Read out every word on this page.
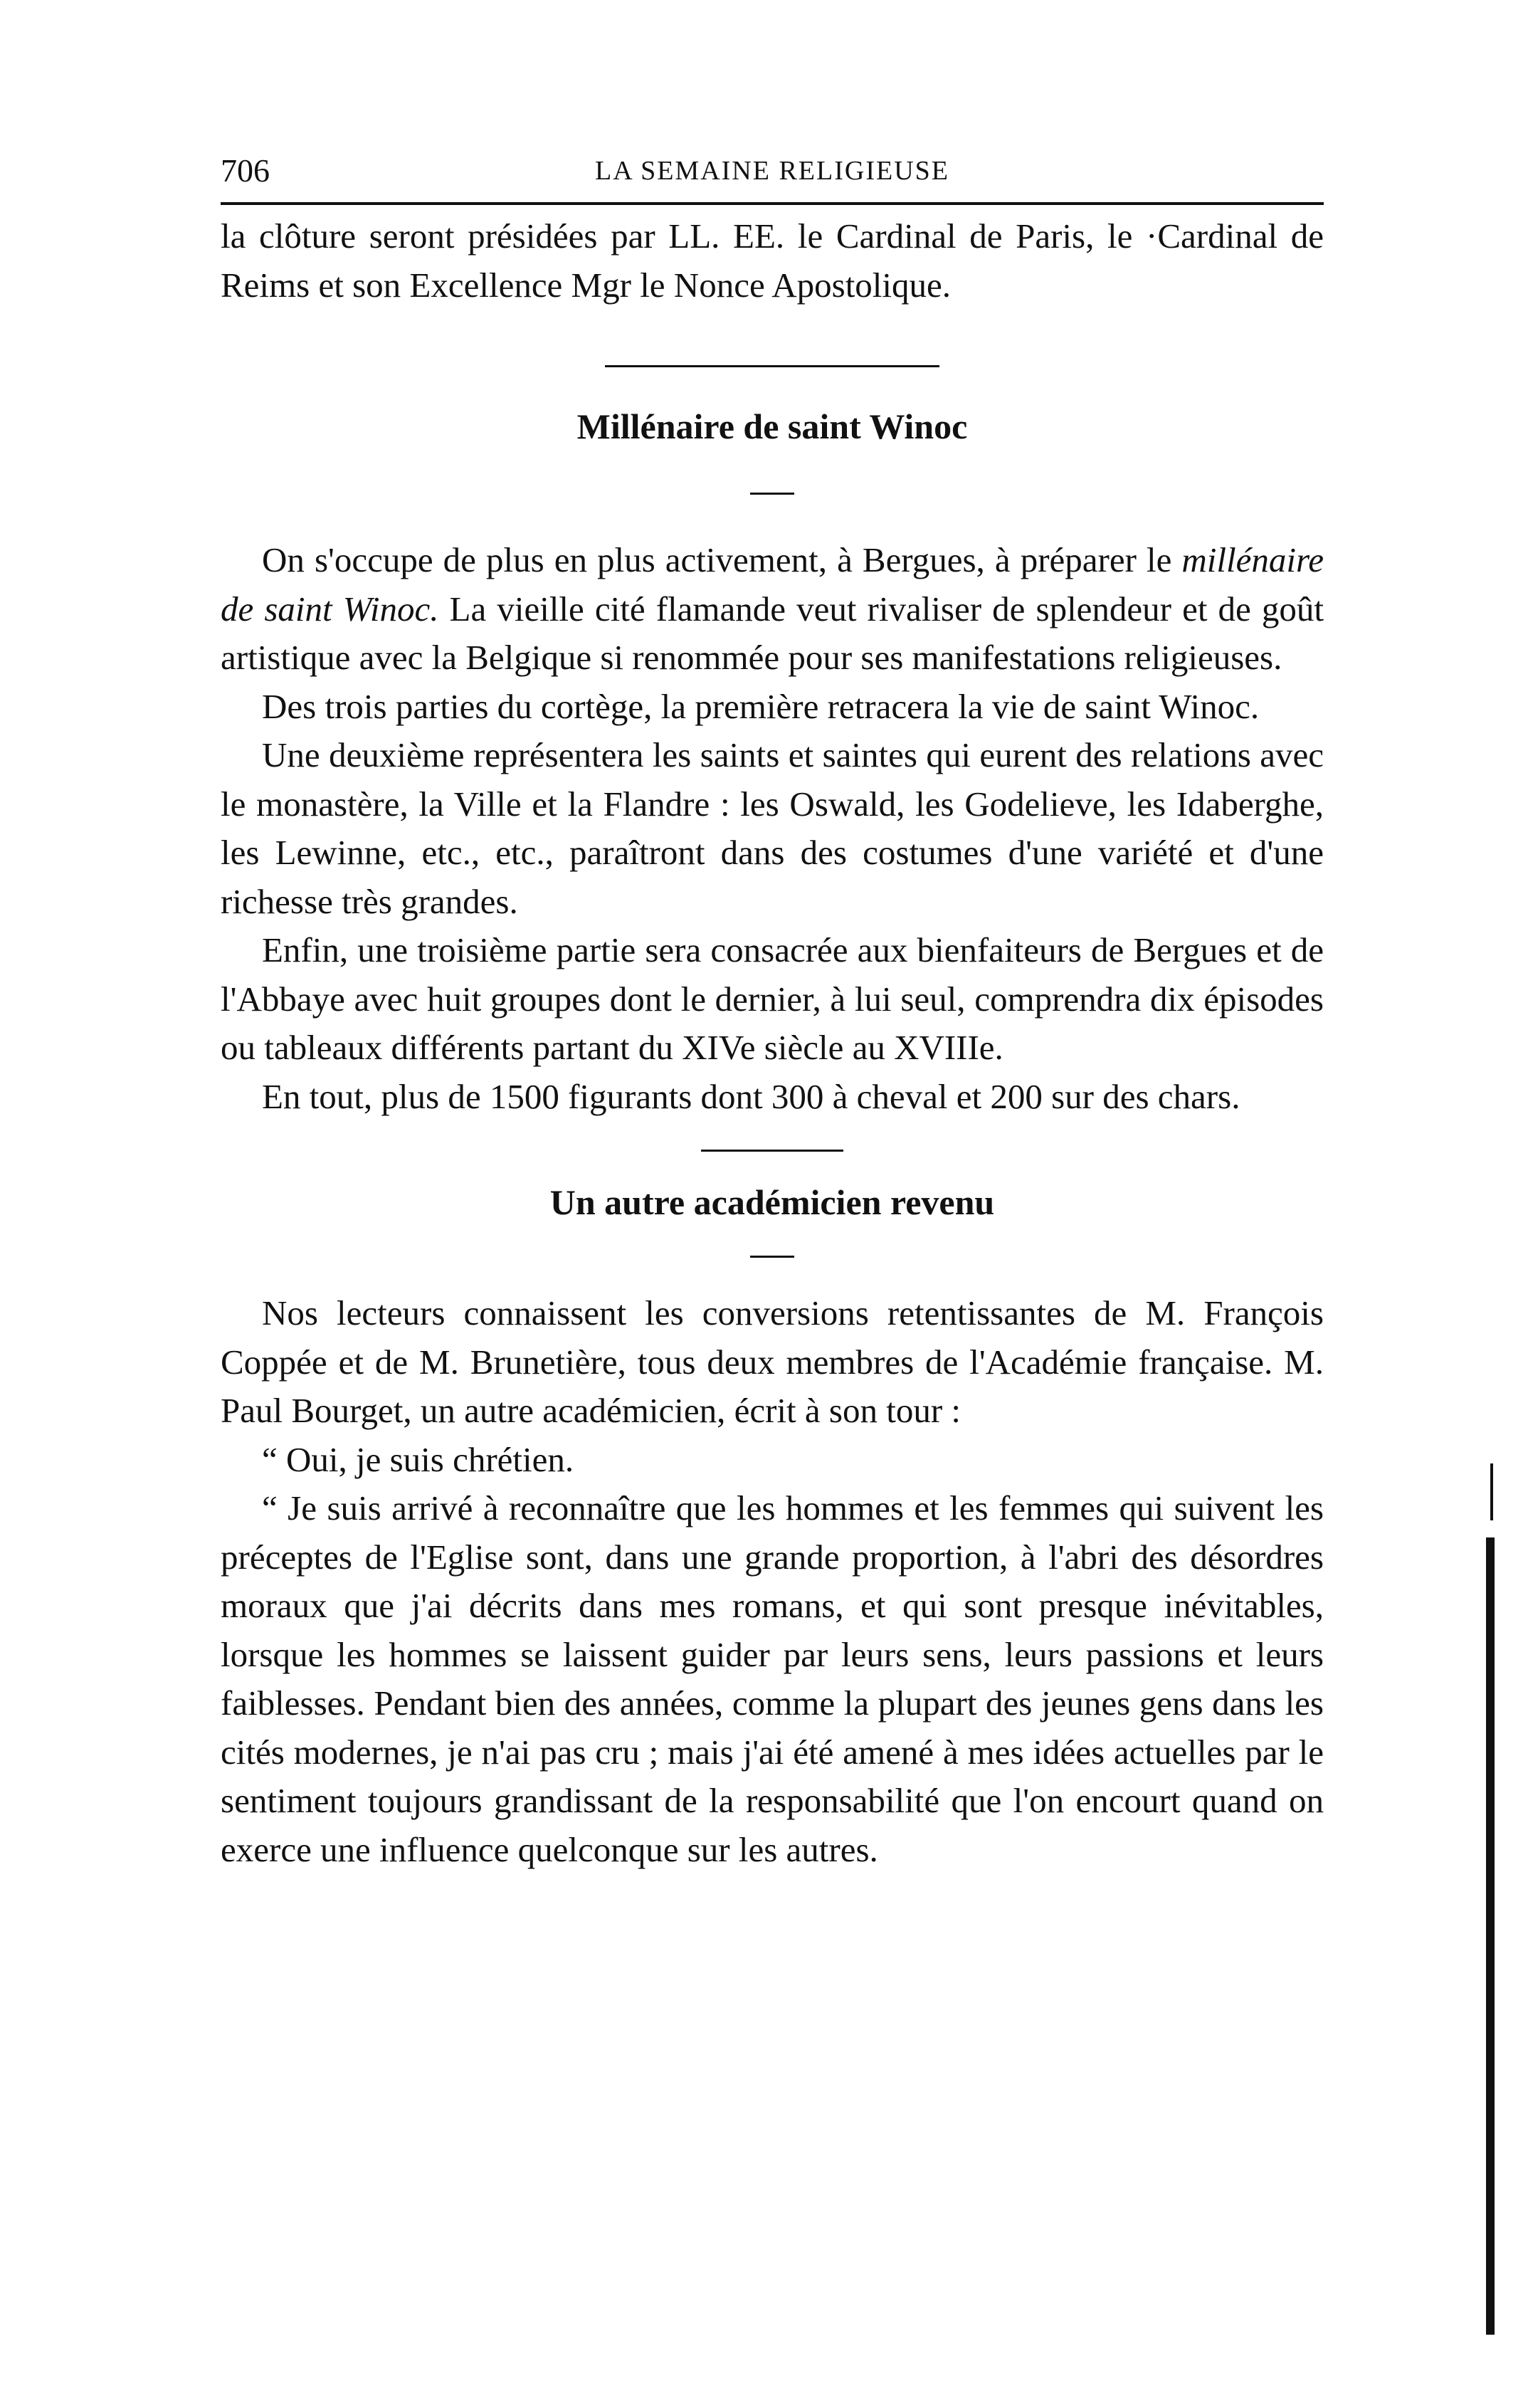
706	LA SEMAINE RELIGIEUSE

la clôture seront présidées par LL. EE. le Cardinal de Paris, le ·Cardinal de Reims et son Excellence Mgr le Nonce Apostolique.

Millénaire de saint Winoc

On s'occupe de plus en plus activement, à Bergues, à préparer le millénaire de saint Winoc. La vieille cité flamande veut rivaliser de splendeur et de goût artistique avec la Belgique si renommée pour ses manifestations religieuses.

Des trois parties du cortège, la première retracera la vie de saint Winoc.

Une deuxième représentera les saints et saintes qui eurent des relations avec le monastère, la Ville et la Flandre : les Oswald, les Godelieve, les Idaberghe, les Lewinne, etc., etc., paraîtront dans des costumes d'une variété et d'une richesse très grandes.

Enfin, une troisième partie sera consacrée aux bienfaiteurs de Bergues et de l'Abbaye avec huit groupes dont le dernier, à lui seul, comprendra dix épisodes ou tableaux différents partant du XIVe siècle au XVIIIe.

En tout, plus de 1500 figurants dont 300 à cheval et 200 sur des chars.

Un autre académicien revenu

Nos lecteurs connaissent les conversions retentissantes de M. François Coppée et de M. Brunetière, tous deux membres de l'Académie française. M. Paul Bourget, un autre académicien, écrit à son tour :

“ Oui, je suis chrétien.

“ Je suis arrivé à reconnaître que les hommes et les femmes qui suivent les préceptes de l'Eglise sont, dans une grande proportion, à l'abri des désordres moraux que j'ai décrits dans mes romans, et qui sont presque inévitables, lorsque les hommes se laissent guider par leurs sens, leurs passions et leurs faiblesses. Pendant bien des années, comme la plupart des jeunes gens dans les cités modernes, je n'ai pas cru ; mais j'ai été amené à mes idées actuelles par le sentiment toujours grandissant de la responsabilité que l'on encourt quand on exerce une influence quelconque sur les autres.
